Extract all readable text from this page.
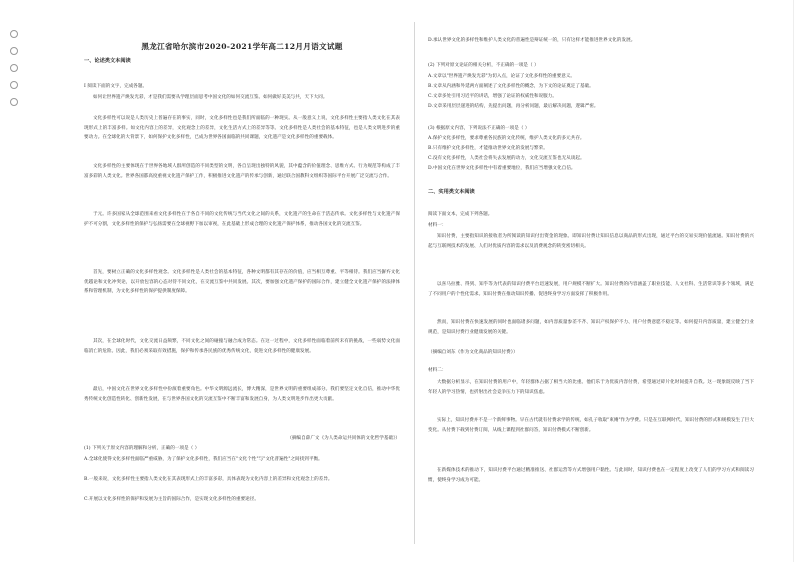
黑龙江省哈尔滨市2020-2021学年高二12月月语文试题
一、论述类文本阅读

I 阅读下面的文字，完成各题。

如何让世界遗产焕发光彩，才是我们需要从学理层面思考中国文化的如何交流互鉴。如何做好美美与共，天下大同。

文化多样性可以说是人类历史上普遍存在的事实，同时，文化多样性也是我们所面临的一种现实。从一般意义上说，文化多样性主要指人类文化在其表现形式上的丰富多样。如文化内容上的差异，文化观念上的差异，文化生活方式上的差异等等。文化多样性是人类社会的基本特征，也是人类文明进步的重要动力。在全球化的大背景下，如何保护文化多样性，已成为世界各国面临的共同课题，文化遗产是文化多样性的重要载体。

文化多样性的主要体现在于世界各地域人群所创造的不同类型的文明，各自呈现出独特的风貌，其中蕴含的价值理念、思维方式、行为规范等构成了丰富多彩的人类文化。世界各国都高度重视文化遗产保护工作，积极推进文化遗产的传承与创新，通过联合国教科文组织等国际平台开展广泛交流与合作。

于元。许多国家从全球范围来看文化多样性在于各自不同的文化传统与当代文化之间的关系，文化遗产的生命在于活态传承。文化多样性与文化遗产保护不可分割，文化多样性的保护与弘扬需要在全球视野下加以审视，在此基础上形成合理的文化遗产保护体系，推动各国文化的交流互鉴。

首先，要树立正确的文化多样性观念。文化多样性是人类社会的基本特征，各种文明都有其存在的价值，应当相互尊重、平等相待。我们应当摒弃文化优越论和文化冲突论，以开放包容的心态对待不同文化，在交流互鉴中共同发展。其次，要加强文化遗产保护的国际合作，建立健全文化遗产保护的法律体系和管理机制，为文化多样性的保护提供制度保障。

其次，在全球化时代，文化交流日益频繁，不同文化之间的碰撞与融合成为常态。在这一过程中，文化多样性面临着前所未有的挑战，一些弱势文化面临消亡的危险。因此，我们必须采取有效措施，保护和传承各民族的优秀传统文化，促进文化多样性的健康发展。

最后，中国文化在世界文化多样性中扮演着重要角色。中华文明源远流长，博大精深，是世界文明的重要组成部分。我们要坚定文化自信，推动中华优秀传统文化创造性转化、创新性发展，在与世界各国文化的交流互鉴中不断丰富和发展自身，为人类文明进步作出更大贡献。

（摘编自薛广文《为人类命运共同体的文化哲学基础》）

(1) 下列关于原文内容的理解和分析，正确的一项是（ ）

A.全球化使得文化多样性面临严重威胁，为了保护文化多样性，我们应当在"文化个性"与"文化普遍性"之间找到平衡。

B.一般来说，文化多样性主要指人类文化在其表现形式上的丰富多彩，具体表现为文化内容上的差异和文化观念上的差异。

C.开展以文化多样性的保护和发展为主旨的国际合作，是实现文化多样性的重要途径。

D.承认世界文化的多样性和维护人类文化的普遍性是辩证统一的，只有这样才能推进世界文化的发展。

(2) 下列对原文论证的相关分析，不正确的一项是（ ）

A.文章以"世界遗产焕发光彩"为切入点，论证了文化多样性的重要意义。

B.文章从内涵和外延两方面阐述了文化多样性的概念，为下文的论证奠定了基础。

C.文章多处引用习近平的讲话，增强了论证的权威性和说服力。

D.文章采用层层递进的结构，先提出问题，再分析问题，最后解决问题，逻辑严密。

(3) 根据原文内容，下列说法不正确的一项是（ ）

A.保护文化多样性，要求尊重各民族的文化传统，维护人类文化的多元共存。

B.只有维护文化多样性，才能推动世界文化的发展与繁荣。

C.没有文化多样性，人类社会将失去发展的动力，文化交流互鉴也无从谈起。

D.中国文化在世界文化多样性中有着重要地位，我们应当增强文化自信。

二、实用类文本阅读

阅读下面文本，完成下列各题。

材料一：

知识付费，主要指知识的接收者为所阅读的知识付出资金的现象。即知识付费让知识信息以商品的形式出现，通过平台的交易实现价值流通。知识付费的兴起与互联网技术的发展、人们对优质内容的需求以及消费观念的转变密切相关。

以喜马拉雅、得到、知乎等为代表的知识付费平台迅速发展，用户规模不断扩大。知识付费的内容涵盖了职业技能、人文社科、生活常识等多个领域，满足了不同用户的个性化需求。知识付费在推动知识传播、促进终身学习方面发挥了积极作用。

然而，知识付费在快速发展的同时也面临诸多问题，如内容质量参差不齐、知识产权保护不力、用户付费意愿不稳定等。如何提升内容质量，建立健全行业规范，是知识付费行业健康发展的关键。

（摘编自刘东《作为文化商品的知识付费》）

材料二：

大数据分析显示，在知识付费的用户中，年轻群体占据了相当大的比重。他们乐于为优质内容付费，希望通过碎片化时间提升自我。这一现象既反映了当下年轻人的学习热情，也折射出社会竞争压力下的知识焦虑。

实际上，知识付费并不是一个新鲜事物。早在古代就有付费求学的传统，如孔子收取"束脩"作为学费。只是在互联网时代，知识付费的形式和规模发生了巨大变化。从付费下载到付费订阅，从线上课程到社群问答，知识付费模式不断创新。

在新媒体技术的推动下，知识付费平台通过精准推送、社群运营等方式增强用户黏性。与此同时，知识付费也在一定程度上改变了人们的学习方式和阅读习惯，使终身学习成为可能。
